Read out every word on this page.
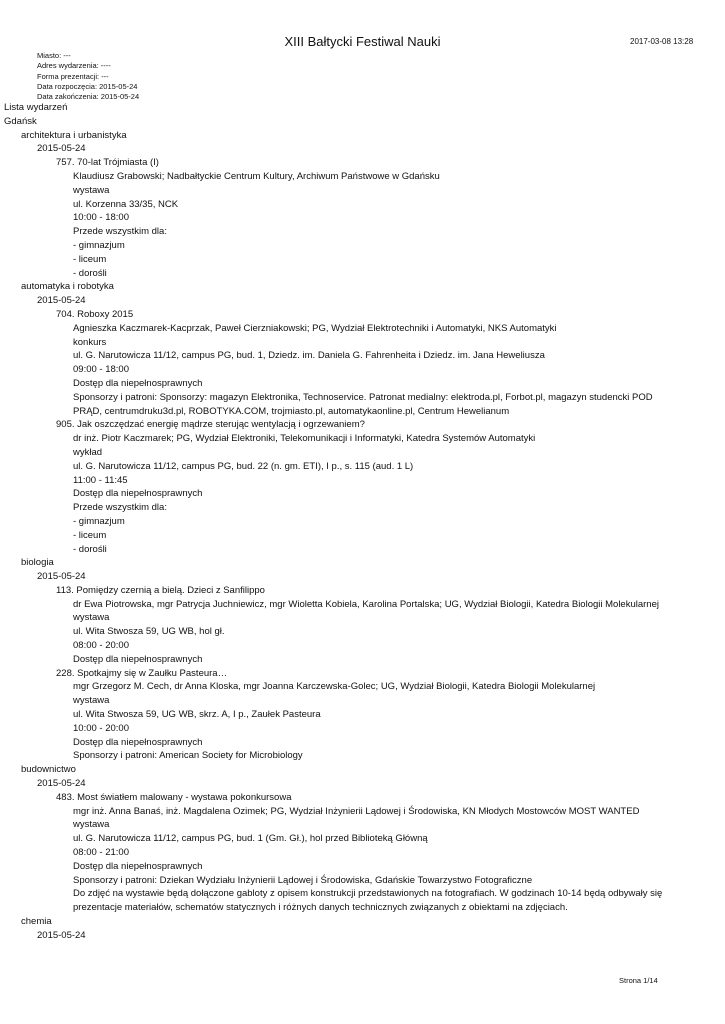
XIII Bałtycki Festiwal Nauki	2017-03-08 13:28
Miasto: ---
Adres wydarzenia: ----
Forma prezentacji: ---
Data rozpoczęcia: 2015-05-24
Data zakończenia: 2015-05-24
Lista wydarzeń
Gdańsk
architektura i urbanistyka
2015-05-24
757. 70-lat Trójmiasta (I)
Klaudiusz Grabowski; Nadbałtyckie Centrum Kultury, Archiwum Państwowe w Gdańsku
wystawa
ul. Korzenna 33/35, NCK
10:00 - 18:00
Przede wszystkim dla:
- gimnazjum
- liceum
- dorośli
automatyka i robotyka
2015-05-24
704. Roboxy 2015
Agnieszka Kaczmarek-Kacprzak, Paweł Cierzniakowski; PG, Wydział Elektrotechniki i Automatyki, NKS Automatyki
konkurs
ul. G. Narutowicza 11/12, campus PG, bud. 1, Dziedz. im. Daniela G. Fahrenheita i Dziedz. im. Jana Heweliusza
09:00 - 18:00
Dostęp dla niepełnosprawnych
Sponsorzy i patroni: Sponsorzy: magazyn Elektronika, Technoservice. Patronat medialny: elektroda.pl, Forbot.pl, magazyn studencki POD PRĄD, centrumdruku3d.pl, ROBOTYKA.COM, trojmiasto.pl, automatykaonline.pl, Centrum Hewelianum
905. Jak oszczędzać energię mądrze sterując wentylacją i ogrzewaniem?
dr inż. Piotr Kaczmarek; PG, Wydział Elektroniki, Telekomunikacji i Informatyki, Katedra Systemów Automatyki
wykład
ul. G. Narutowicza 11/12, campus PG, bud. 22 (n. gm. ETI), I p., s. 115 (aud. 1 L)
11:00 - 11:45
Dostęp dla niepełnosprawnych
Przede wszystkim dla:
- gimnazjum
- liceum
- dorośli
biologia
2015-05-24
113. Pomiędzy czernią a bielą. Dzieci z Sanfilippo
dr Ewa Piotrowska, mgr Patrycja Juchniewicz, mgr Wioletta Kobiela, Karolina Portalska; UG, Wydział Biologii, Katedra Biologii Molekularnej
wystawa
ul. Wita Stwosza 59, UG WB, hol gł.
08:00 - 20:00
Dostęp dla niepełnosprawnych
228. Spotkajmy się w Zaułku Pasteura…
mgr Grzegorz M. Cech, dr Anna Kloska, mgr Joanna Karczewska-Golec; UG, Wydział Biologii, Katedra Biologii Molekularnej
wystawa
ul. Wita Stwosza 59, UG WB, skrz. A, I p., Zaułek Pasteura
10:00 - 20:00
Dostęp dla niepełnosprawnych
Sponsorzy i patroni: American Society for Microbiology
budownictwo
2015-05-24
483. Most światłem malowany - wystawa pokonkursowa
mgr inż. Anna Banaś, inż. Magdalena Ozimek; PG, Wydział Inżynierii Lądowej i Środowiska, KN Młodych Mostowców MOST WANTED
wystawa
ul. G. Narutowicza 11/12, campus PG, bud. 1 (Gm. Gł.), hol przed Biblioteką Główną
08:00 - 21:00
Dostęp dla niepełnosprawnych
Sponsorzy i patroni: Dziekan Wydziału Inżynierii Lądowej i Środowiska, Gdańskie Towarzystwo Fotograficzne
Do zdjęć na wystawie będą dołączone gabloty z opisem konstrukcji przedstawionych na fotografiach. W godzinach 10-14 będą odbywały się prezentacje materiałów, schematów statycznych i różnych danych technicznych związanych z obiektami na zdjęciach.
chemia
2015-05-24
Strona 1/14
